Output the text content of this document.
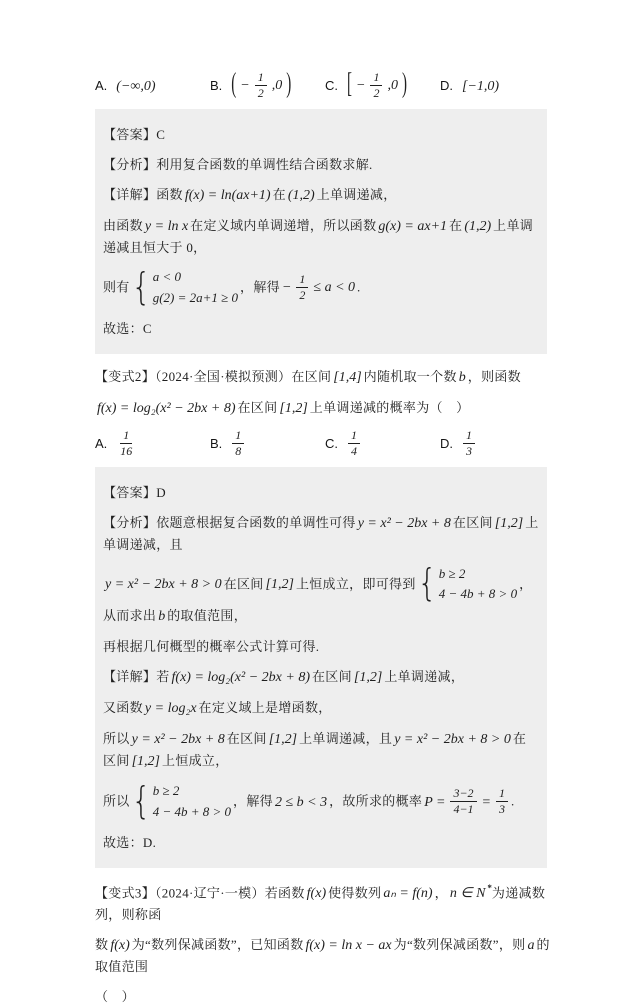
A. (−∞,0)	B. ( − $\frac{1}{2} ,0$ )	C. [ − $\frac{1}{2} ,0$ )	D. [−1,0)
【答案】C
【分析】利用复合函数的单调性结合函数求解.
【详解】函数 f(x) = ln(ax+1) 在 (1,2) 上单调递减，
由函数 y = ln x 在定义域内单调递增，所以函数 g(x) = ax+1 在 (1,2) 上单调递减且恒大于 0，
则有 { a < 0
g(2) = 2a+1 ≥ 0
，解得 − $\frac{1}{2} \le a < 0$ .
故选：C
【变式2】（2024·全国·模拟预测）在区间 [1,4] 内随机取一个数 b ，则函数
f(x) = log₂(x² − 2bx + 8) 在区间 [1,2] 上单调递减的概率为（　）
A. $\frac{1}{16}$	B. $\frac{1}{8}$	C. $\frac{1}{4}$	D. $\frac{1}{3}$
【答案】D
【分析】依题意根据复合函数的单调性可得 y = x² − 2bx + 8 在区间 [1,2] 上单调递减，且
y = x² − 2bx + 8 > 0 在区间 [1,2] 上恒成立，即可得到 { b ≥ 2
4 − 4b + 8 > 0
，从而求出 b 的取值范围，
再根据几何概型的概率公式计算可得.
【详解】若 f(x) = log₂(x² − 2bx + 8) 在区间 [1,2] 上单调递减，
又函数 y = log₂x 在定义域上是增函数，
所以 y = x² − 2bx + 8 在区间 [1,2] 上单调递减，且 y = x² − 2bx + 8 > 0 在区间 [1,2] 上恒成立，
所以 { b ≥ 2
4 − 4b + 8 > 0
，解得 2 ≤ b < 3 ，故所求的概率 $P = \frac{3-2}{4-1} = \frac{1}{3}$ .
故选：D.
【变式3】（2024·辽宁·一模）若函数 f(x) 使得数列 aₙ = f(n) ， n ∈ N *为递减数列，则称函
数 f(x) 为“数列保减函数”，已知函数 f(x) = ln x − ax 为“数列保减函数”，则 a 的取值范围
（　）
